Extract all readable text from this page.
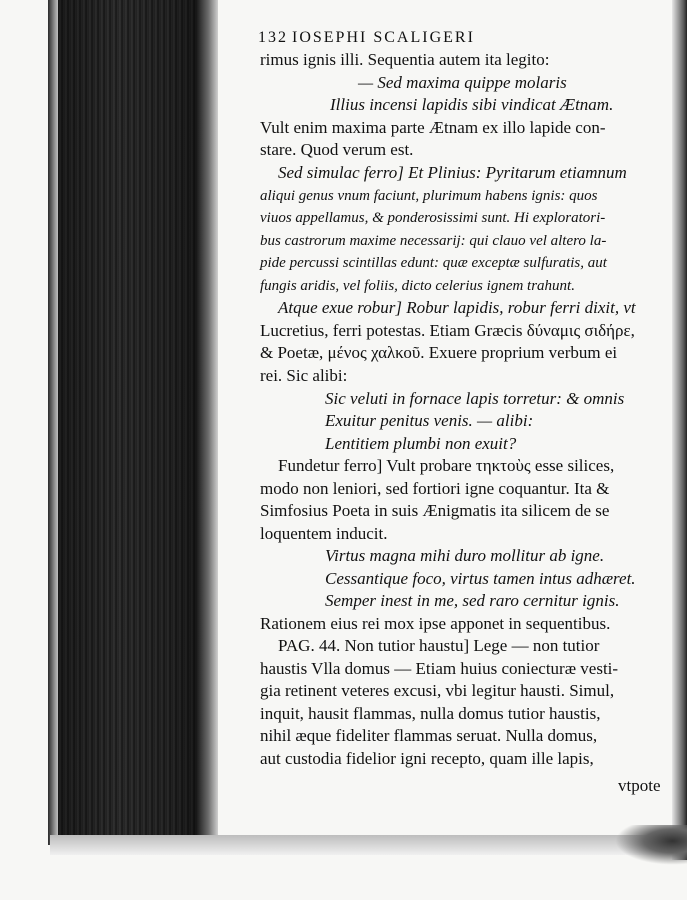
132 IOSEPHI SCALIGERI
rimus ignis illi. Sequentia autem ita legito:
— Sed maxima quippe molaris
Illius incensi lapidis sibi vindicat Ætnam.
Vult enim maxima parte Ætnam ex illo lapide con-
stare. Quod verum est.
Sed simulac ferro] Et Plinius: Pyritarum etiamnum
aliqui genus vnum faciunt, plurimum habens ignis: quos
viuos appellamus, & ponderosissimi sunt. Hi exploratori-
bus castrorum maxime necessarij: qui clauo vel altero la-
pide percussi scintillas edunt: quæ exceptæ sulfuratis, aut
fungis aridis, vel foliis, dicto celerius ignem trahunt.
Atque exue robur] Robur lapidis, robur ferri dixit, vt
Lucretius, ferri potestas. Etiam Græcis δύναμις σιδήρε,
& Poetæ, μένος χαλκοῦ. Exuere proprium verbum ei
rei. Sic alibi:
Sic veluti in fornace lapis torretur: & omnis
Exuitur penitus venis. — alibi:
Lentitiem plumbi non exuit?
Fundetur ferro] Vult probare τηκτοὺς esse silices,
modo non leniori, sed fortiori igne coquantur. Ita &
Simfosius Poeta in suis Ænigmatis ita silicem de se
loquentem inducit.
Virtus magna mihi duro mollitur ab igne.
Cessantique foco, virtus tamen intus adhæret.
Semper inest in me, sed raro cernitur ignis.
Rationem eius rei mox ipse apponet in sequentibus.
PAG. 44. Non tutior haustu] Lege — non tutior
haustis Vlla domus — Etiam huius coniecturæ vesti-
gia retinent veteres excusi, vbi legitur hausti. Simul,
inquit, hausit flammas, nulla domus tutior haustis,
nihil æque fideliter flammas seruat. Nulla domus,
aut custodia fidelior igni recepto, quam ille lapis,
vtpote
